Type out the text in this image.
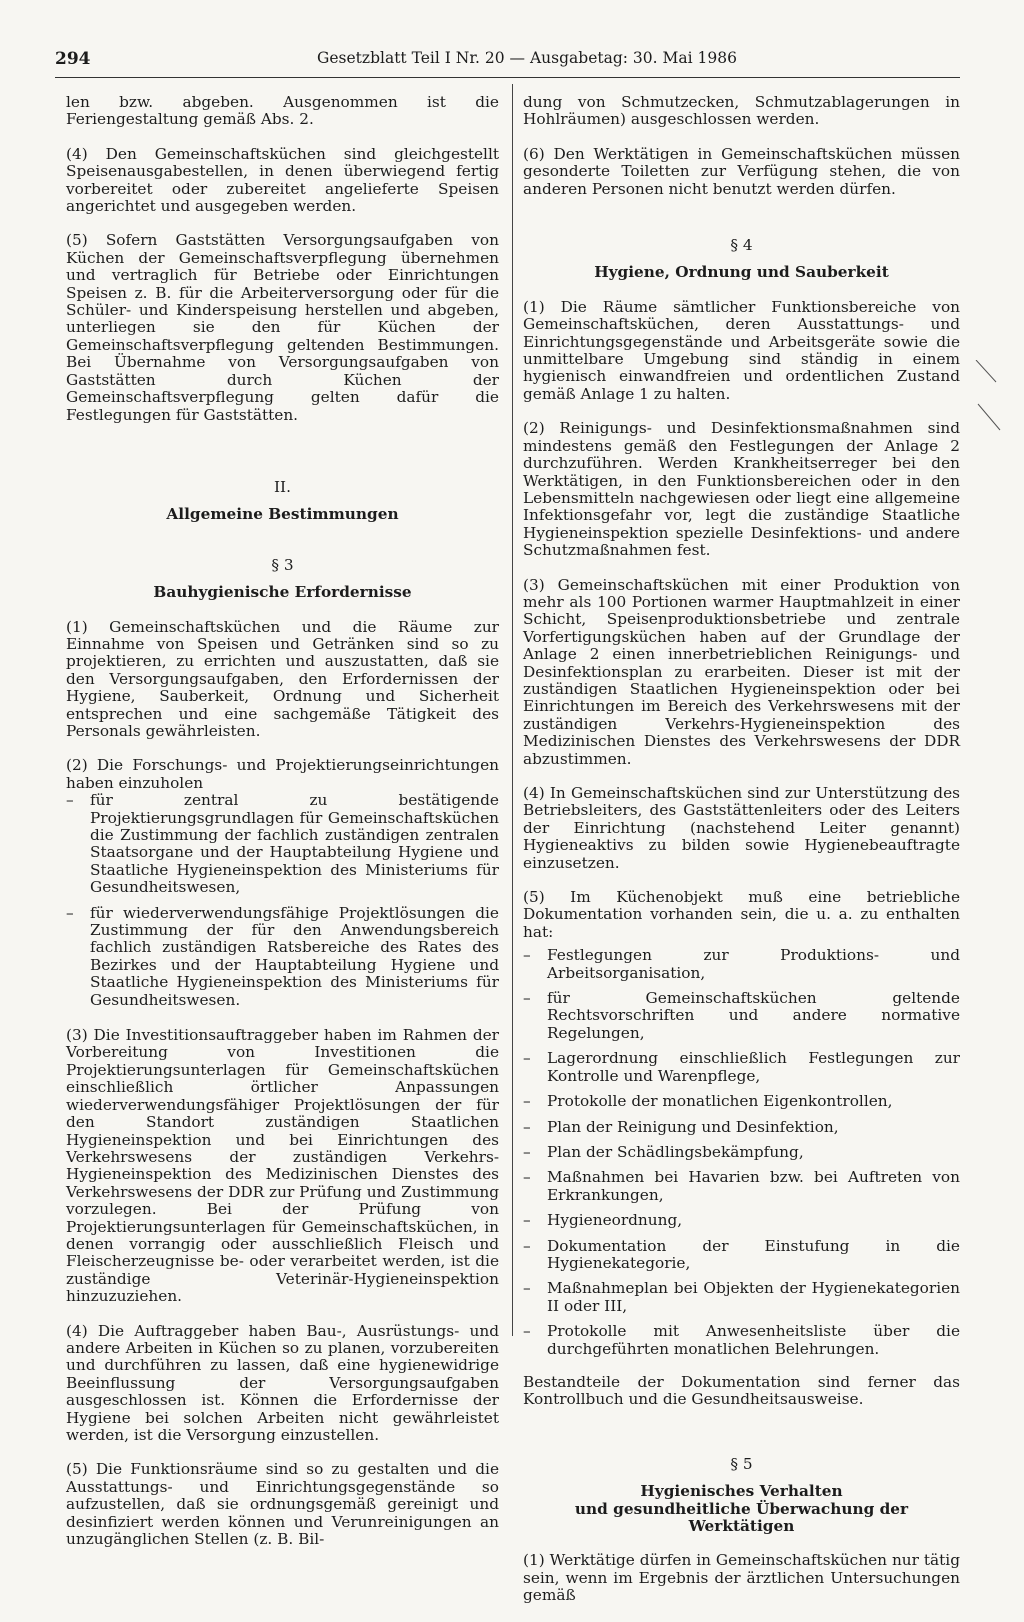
294	Gesetzblatt Teil I Nr. 20 — Ausgabetag: 30. Mai 1986

len bzw. abgeben. Ausgenommen ist die Feriengestaltung gemäß Abs. 2.

(4) Den Gemeinschaftsküchen sind gleichgestellt Speisenausgabestellen, in denen überwiegend fertig vorbereitet oder zubereitet angelieferte Speisen angerichtet und ausgegeben werden.

(5) Sofern Gaststätten Versorgungsaufgaben von Küchen der Gemeinschaftsverpflegung übernehmen und vertraglich für Betriebe oder Einrichtungen Speisen z. B. für die Arbeiterversorgung oder für die Schüler- und Kinderspeisung herstellen und abgeben, unterliegen sie den für Küchen der Gemeinschaftsverpflegung geltenden Bestimmungen. Bei Übernahme von Versorgungsaufgaben von Gaststätten durch Küchen der Gemeinschaftsverpflegung gelten dafür die Festlegungen für Gaststätten.

II.
Allgemeine Bestimmungen
§ 3
Bauhygienische Erfordernisse

(1) Gemeinschaftsküchen und die Räume zur Einnahme von Speisen und Getränken sind so zu projektieren, zu errichten und auszustatten, daß sie den Versorgungsaufgaben, den Erfordernissen der Hygiene, Sauberkeit, Ordnung und Sicherheit entsprechen und eine sachgemäße Tätigkeit des Personals gewährleisten.

(2) Die Forschungs- und Projektierungseinrichtungen haben einzuholen

– für zentral zu bestätigende Projektierungsgrundlagen für Gemeinschaftsküchen die Zustimmung der fachlich zuständigen zentralen Staatsorgane und der Hauptabteilung Hygiene und Staatliche Hygieneinspektion des Ministeriums für Gesundheitswesen,
– für wiederverwendungsfähige Projektlösungen die Zustimmung der für den Anwendungsbereich fachlich zuständigen Ratsbereiche des Rates des Bezirkes und der Hauptabteilung Hygiene und Staatliche Hygieneinspektion des Ministeriums für Gesundheitswesen.

(3) Die Investitionsauftraggeber haben im Rahmen der Vorbereitung von Investitionen die Projektierungsunterlagen für Gemeinschaftsküchen einschließlich örtlicher Anpassungen wiederverwendungsfähiger Projektlösungen der für den Standort zuständigen Staatlichen Hygieneinspektion und bei Einrichtungen des Verkehrswesens der zuständigen Verkehrs-Hygieneinspektion des Medizinischen Dienstes des Verkehrswesens der DDR zur Prüfung und Zustimmung vorzulegen. Bei der Prüfung von Projektierungsunterlagen für Gemeinschaftsküchen, in denen vorrangig oder ausschließlich Fleisch und Fleischerzeugnisse be- oder verarbeitet werden, ist die zuständige Veterinär-Hygieneinspektion hinzuzuziehen.

(4) Die Auftraggeber haben Bau-, Ausrüstungs- und andere Arbeiten in Küchen so zu planen, vorzubereiten und durchführen zu lassen, daß eine hygienewidrige Beeinflussung der Versorgungsaufgaben ausgeschlossen ist. Können die Erfordernisse der Hygiene bei solchen Arbeiten nicht gewährleistet werden, ist die Versorgung einzustellen.

(5) Die Funktionsräume sind so zu gestalten und die Ausstattungs- und Einrichtungsgegenstände so aufzustellen, daß sie ordnungsgemäß gereinigt und desinfiziert werden können und Verunreinigungen an unzugänglichen Stellen (z. B. Bil-

dung von Schmutzecken, Schmutzablagerungen in Hohlräumen) ausgeschlossen werden.

(6) Den Werktätigen in Gemeinschaftsküchen müssen gesonderte Toiletten zur Verfügung stehen, die von anderen Personen nicht benutzt werden dürfen.

§ 4
Hygiene, Ordnung und Sauberkeit

(1) Die Räume sämtlicher Funktionsbereiche von Gemeinschaftsküchen, deren Ausstattungs- und Einrichtungsgegenstände und Arbeitsgeräte sowie die unmittelbare Umgebung sind ständig in einem hygienisch einwandfreien und ordentlichen Zustand gemäß Anlage 1 zu halten.

(2) Reinigungs- und Desinfektionsmaßnahmen sind mindestens gemäß den Festlegungen der Anlage 2 durchzuführen. Werden Krankheitserreger bei den Werktätigen, in den Funktionsbereichen oder in den Lebensmitteln nachgewiesen oder liegt eine allgemeine Infektionsgefahr vor, legt die zuständige Staatliche Hygieneinspektion spezielle Desinfektions- und andere Schutzmaßnahmen fest.

(3) Gemeinschaftsküchen mit einer Produktion von mehr als 100 Portionen warmer Hauptmahlzeit in einer Schicht, Speisenproduktionsbetriebe und zentrale Vorfertigungsküchen haben auf der Grundlage der Anlage 2 einen innerbetrieblichen Reinigungs- und Desinfektionsplan zu erarbeiten. Dieser ist mit der zuständigen Staatlichen Hygieneinspektion oder bei Einrichtungen im Bereich des Verkehrswesens mit der zuständigen Verkehrs-Hygieneinspektion des Medizinischen Dienstes des Verkehrswesens der DDR abzustimmen.

(4) In Gemeinschaftsküchen sind zur Unterstützung des Betriebsleiters, des Gaststättenleiters oder des Leiters der Einrichtung (nachstehend Leiter genannt) Hygieneaktivs zu bilden sowie Hygienebeauftragte einzusetzen.

(5) Im Küchenobjekt muß eine betriebliche Dokumentation vorhanden sein, die u. a. zu enthalten hat:

– Festlegungen zur Produktions- und Arbeitsorganisation,
– für Gemeinschaftsküchen geltende Rechtsvorschriften und andere normative Regelungen,
– Lagerordnung einschließlich Festlegungen zur Kontrolle und Warenpflege,
– Protokolle der monatlichen Eigenkontrollen,
– Plan der Reinigung und Desinfektion,
– Plan der Schädlingsbekämpfung,
– Maßnahmen bei Havarien bzw. bei Auftreten von Erkrankungen,
– Hygieneordnung,
– Dokumentation der Einstufung in die Hygienekategorie,
– Maßnahmeplan bei Objekten der Hygienekategorien II oder III,
– Protokolle mit Anwesenheitsliste über die durchgeführten monatlichen Belehrungen.

Bestandteile der Dokumentation sind ferner das Kontrollbuch und die Gesundheitsausweise.

§ 5
Hygienisches Verhalten
und gesundheitliche Überwachung der Werktätigen

(1) Werktätige dürfen in Gemeinschaftsküchen nur tätig sein, wenn im Ergebnis der ärztlichen Untersuchungen gemäß
